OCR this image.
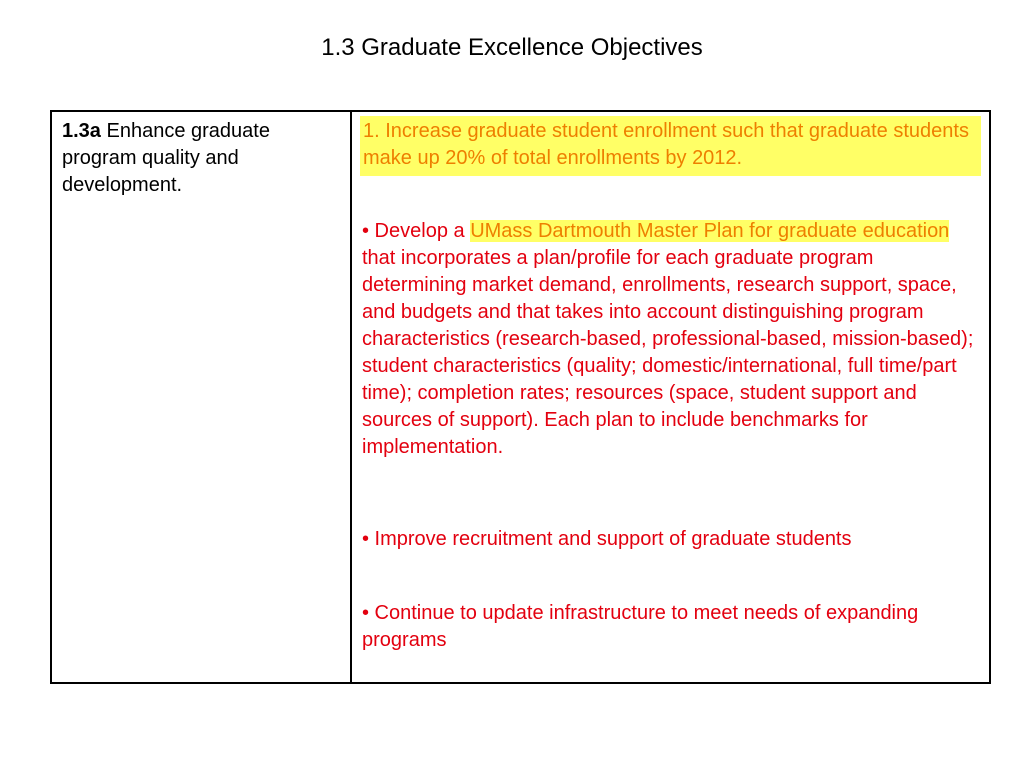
1.3 Graduate Excellence Objectives
1.3a Enhance graduate program quality and development.

1. Increase graduate student enrollment such that graduate students make up 20% of total enrollments by 2012.

• Develop a UMass Dartmouth Master Plan for graduate education that incorporates a plan/profile for each graduate program determining market demand, enrollments, research support, space, and budgets and that takes into account distinguishing program characteristics (research-based, professional-based, mission-based); student characteristics (quality; domestic/international, full time/part time); completion rates; resources (space, student support and sources of support). Each plan to include benchmarks for implementation.

• Improve recruitment and support of graduate students

• Continue to update infrastructure to meet needs of expanding programs
